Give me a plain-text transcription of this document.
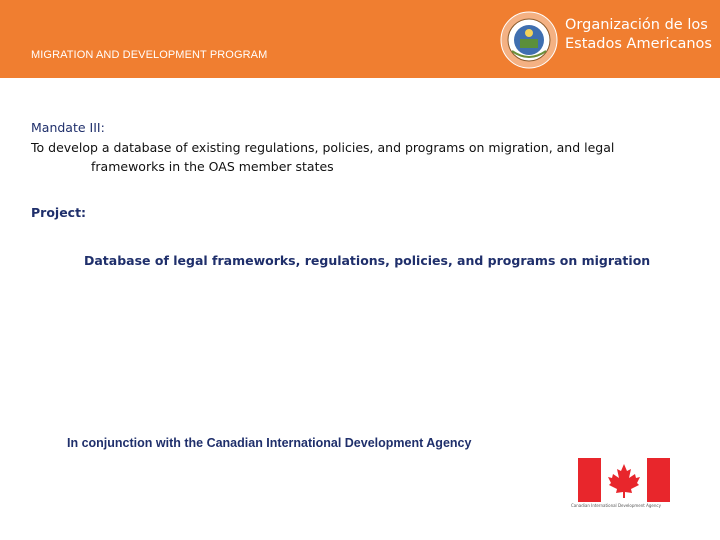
MIGRATION AND DEVELOPMENT PROGRAM
Organización de los
Estados Americanos
Mandate III:
To develop a database of existing regulations, policies, and programs on migration, and legal
frameworks in the OAS member states
Project:
Database of legal frameworks, regulations, policies, and programs on migration
In conjunction with the Canadian International Development Agency
Canadian International Development Agency
